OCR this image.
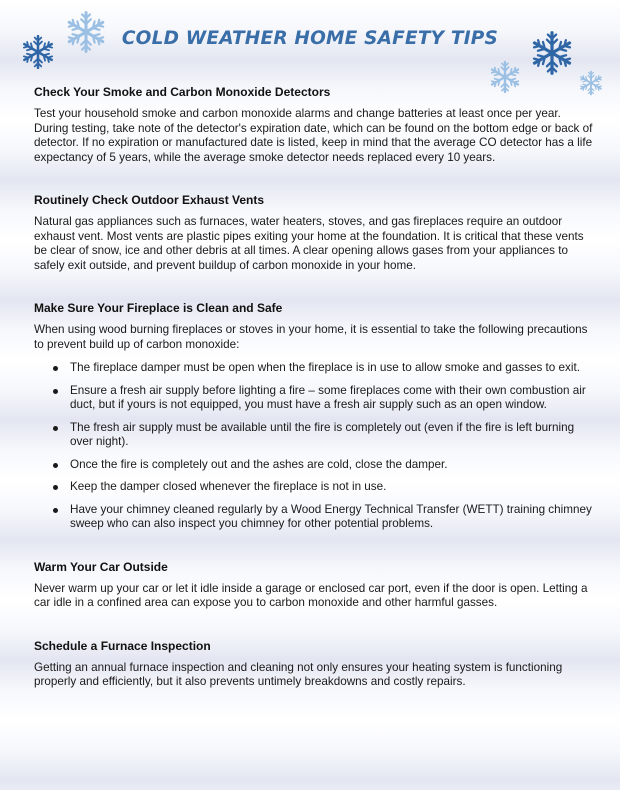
COLD WEATHER HOME SAFETY TIPS
Check Your Smoke and Carbon Monoxide Detectors

Test your household smoke and carbon monoxide alarms and change batteries at least once per year. During testing, take note of the detector's expiration date, which can be found on the bottom edge or back of detector. If no expiration or manufactured date is listed, keep in mind that the average CO detector has a life expectancy of 5 years, while the average smoke detector needs replaced every 10 years.

Routinely Check Outdoor Exhaust Vents

Natural gas appliances such as furnaces, water heaters, stoves, and gas fireplaces require an outdoor exhaust vent. Most vents are plastic pipes exiting your home at the foundation. It is critical that these vents be clear of snow, ice and other debris at all times. A clear opening allows gases from your appliances to safely exit outside, and prevent buildup of carbon monoxide in your home.

Make Sure Your Fireplace is Clean and Safe

When using wood burning fireplaces or stoves in your home, it is essential to take the following precautions to prevent build up of carbon monoxide:

The fireplace damper must be open when the fireplace is in use to allow smoke and gasses to exit.
Ensure a fresh air supply before lighting a fire – some fireplaces come with their own combustion air duct, but if yours is not equipped, you must have a fresh air supply such as an open window.
The fresh air supply must be available until the fire is completely out (even if the fire is left burning over night).
Once the fire is completely out and the ashes are cold, close the damper.
Keep the damper closed whenever the fireplace is not in use.
Have your chimney cleaned regularly by a Wood Energy Technical Transfer (WETT) training chimney sweep who can also inspect you chimney for other potential problems.
Warm Your Car Outside

Never warm up your car or let it idle inside a garage or enclosed car port, even if the door is open. Letting a car idle in a confined area can expose you to carbon monoxide and other harmful gasses.

Schedule a Furnace Inspection

Getting an annual furnace inspection and cleaning not only ensures your heating system is functioning properly and efficiently, but it also prevents untimely breakdowns and costly repairs.
